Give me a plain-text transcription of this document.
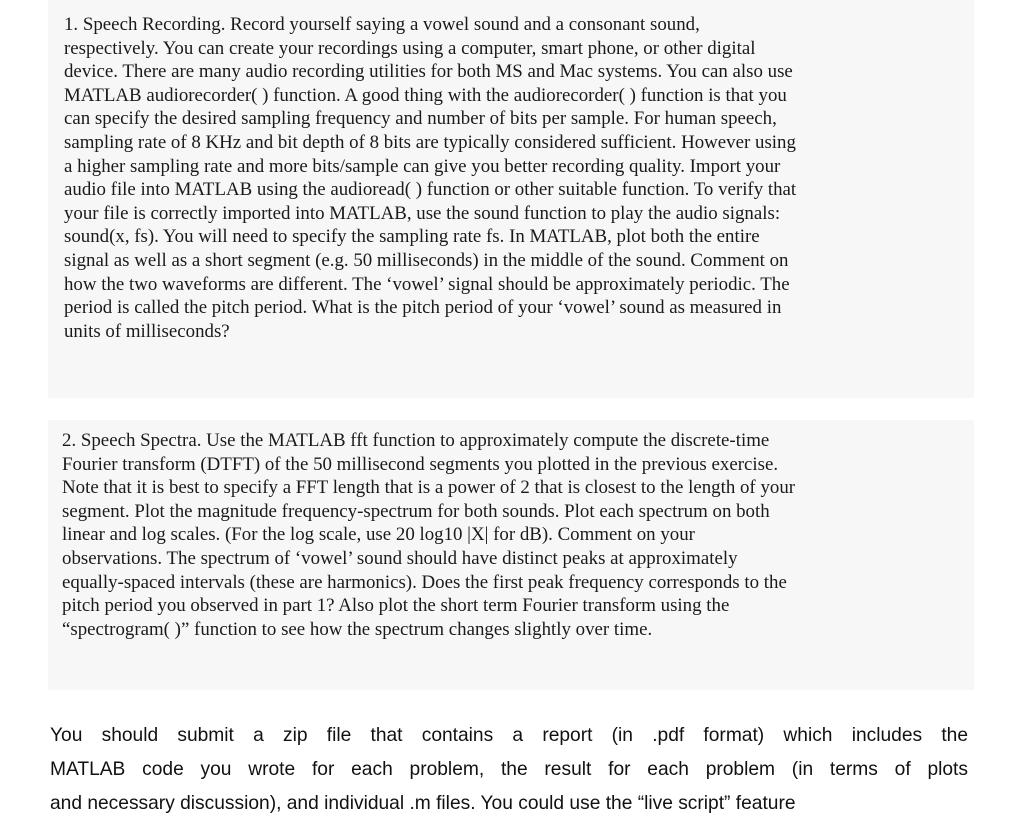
1. Speech Recording. Record yourself saying a vowel sound and a consonant sound,
respectively. You can create your recordings using a computer, smart phone, or other digital
device. There are many audio recording utilities for both MS and Mac systems. You can also use
MATLAB audiorecorder( ) function. A good thing with the audiorecorder( ) function is that you
can specify the desired sampling frequency and number of bits per sample. For human speech,
sampling rate of 8 KHz and bit depth of 8 bits are typically considered sufficient. However using
a higher sampling rate and more bits/sample can give you better recording quality. Import your
audio file into MATLAB using the audioread( ) function or other suitable function. To verify that
your file is correctly imported into MATLAB, use the sound function to play the audio signals:
sound(x, fs). You will need to specify the sampling rate fs. In MATLAB, plot both the entire
signal as well as a short segment (e.g. 50 milliseconds) in the middle of the sound. Comment on
how the two waveforms are different. The ‘vowel’ signal should be approximately periodic. The
period is called the pitch period. What is the pitch period of your ‘vowel’ sound as measured in
units of milliseconds?
2. Speech Spectra. Use the MATLAB fft function to approximately compute the discrete-time
Fourier transform (DTFT) of the 50 millisecond segments you plotted in the previous exercise.
Note that it is best to specify a FFT length that is a power of 2 that is closest to the length of your
segment. Plot the magnitude frequency-spectrum for both sounds. Plot each spectrum on both
linear and log scales. (For the log scale, use 20 log10 |X| for dB). Comment on your
observations. The spectrum of ‘vowel’ sound should have distinct peaks at approximately
equally-spaced intervals (these are harmonics). Does the first peak frequency corresponds to the
pitch period you observed in part 1? Also plot the short term Fourier transform using the
“spectrogram( )” function to see how the spectrum changes slightly over time.
You should submit a zip file that contains a report (in .pdf format) which includes the
MATLAB code you wrote for each problem, the result for each problem (in terms of plots
and necessary discussion), and individual .m files. You could use the “live script” feature
